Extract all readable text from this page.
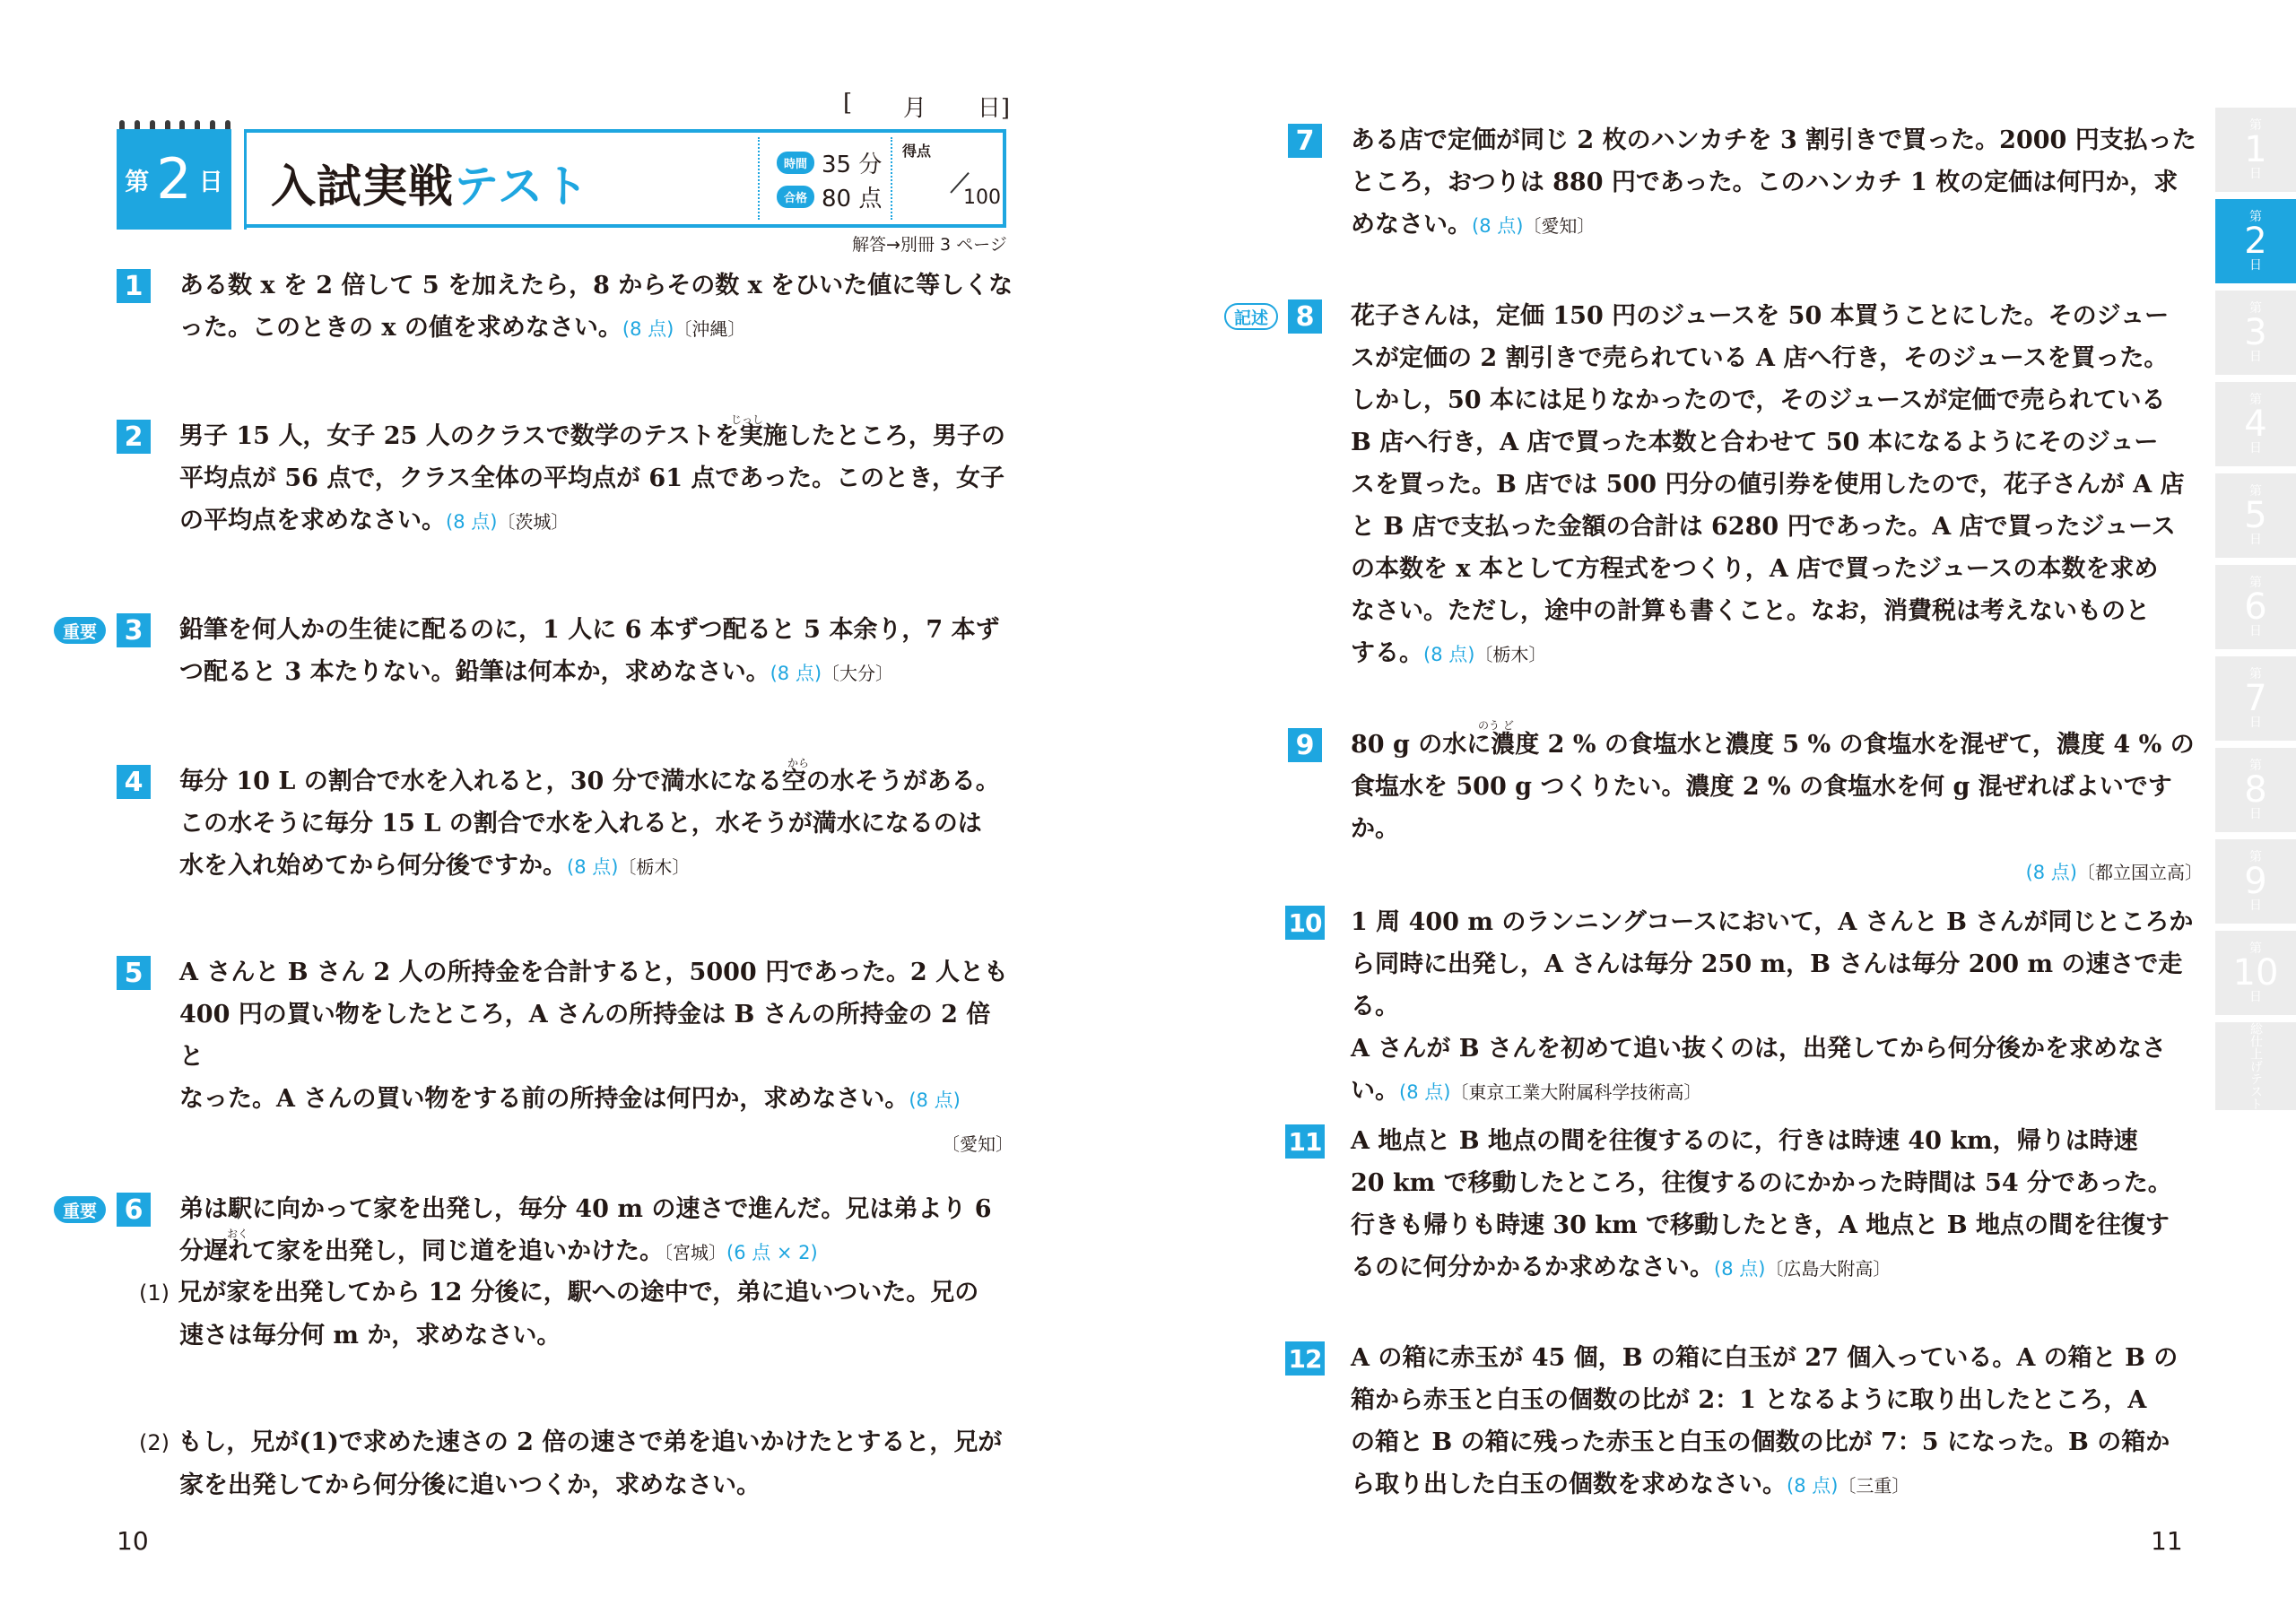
[ 月 日]
第 2 日 入試実戦テスト	時間 35 分
合格 80 点
得点
100
解答→別冊 3 ページ
1	ある数 x を 2 倍して 5 を加えたら，8 からその数 x をひいた値に等しくな
った。このときの x の値を求めなさい。(8 点)〔沖縄〕
じっし
2	男子 15 人，女子 25 人のクラスで数学のテストを実施したところ，男子の
平均点が 56 点で，クラス全体の平均点が 61 点であった。このとき，女子
の平均点を求めなさい。(8 点)〔茨城〕
重要	3	鉛筆を何人かの生徒に配るのに，1 人に 6 本ずつ配ると 5 本余り，7 本ず
つ配ると 3 本たりない。鉛筆は何本か，求めなさい。(8 点)〔大分〕
から
4	毎分 10 L の割合で水を入れると，30 分で満水になる空の水そうがある。
この水そうに毎分 15 L の割合で水を入れると，水そうが満水になるのは
水を入れ始めてから何分後ですか。(8 点)〔栃木〕
5	A さんと B さん 2 人の所持金を合計すると，5000 円であった。2 人とも
400 円の買い物をしたところ，A さんの所持金は B さんの所持金の 2 倍と
なった。A さんの買い物をする前の所持金は何円か，求めなさい。(8 点)
〔愛知〕
重要
おく
6	弟は駅に向かって家を出発し，毎分 40 m の速さで進んだ。兄は弟より 6
分遅れて家を出発し，同じ道を追いかけた。〔宮城〕(6 点 × 2)
(1) 兄が家を出発してから 12 分後に，駅への途中で，弟に追いついた。兄の
速さは毎分何 m か，求めなさい。
(2) もし，兄が(1)で求めた速さの 2 倍の速さで弟を追いかけたとすると，兄が
家を出発してから何分後に追いつくか，求めなさい。
10
7	ある店で定価が同じ 2 枚のハンカチを 3 割引きで買った。2000 円支払った
ところ，おつりは 880 円であった。このハンカチ 1 枚の定価は何円か，求
めなさい。(8 点)〔愛知〕
記述	8	花子さんは，定価 150 円のジュースを 50 本買うことにした。そのジュー
スが定価の 2 割引きで売られている A 店へ行き，そのジュースを買った。
しかし，50 本には足りなかったので，そのジュースが定価で売られている
B 店へ行き，A 店で買った本数と合わせて 50 本になるようにそのジュー
スを買った。B 店では 500 円分の値引券を使用したので，花子さんが A 店
と B 店で支払った金額の合計は 6280 円であった。A 店で買ったジュース
の本数を x 本として方程式をつくり，A 店で買ったジュースの本数を求め
なさい。ただし，途中の計算も書くこと。なお，消費税は考えないものと
する。(8 点)〔栃木〕
のう ど
9	80 g の水に濃度 2 % の食塩水と濃度 5 % の食塩水を混ぜて，濃度 4 % の
食塩水を 500 g つくりたい。濃度 2 % の食塩水を何 g 混ぜればよいですか。
(8 点)〔都立国立高〕
10 1 周 400 m のランニングコースにおいて，A さんと B さんが同じところか
ら同時に出発し，A さんは毎分 250 m，B さんは毎分 200 m の速さで走る。
A さんが B さんを初めて追い抜くのは，出発してから何分後かを求めなさ
い。(8 点)〔東京工業大附属科学技術高〕
11 A 地点と B 地点の間を往復するのに，行きは時速 40 km，帰りは時速
20 km で移動したところ，往復するのにかかった時間は 54 分であった。
行きも帰りも時速 30 km で移動したとき，A 地点と B 地点の間を往復す
るのに何分かかるか求めなさい。(8 点)〔広島大附高〕
12 A の箱に赤玉が 45 個，B の箱に白玉が 27 個入っている。A の箱と B の
箱から赤玉と白玉の個数の比が 2：1 となるように取り出したところ，A
の箱と B の箱に残った赤玉と白玉の個数の比が 7：5 になった。B の箱か
ら取り出した白玉の個数を求めなさい。(8 点)〔三重〕
11
第
1
日
第
2
日
第
3
日
第
4
日
第
5
日
第
6
日
第
7
日
第
8
日
第
9
日
第
10
日
総仕上げテスト
